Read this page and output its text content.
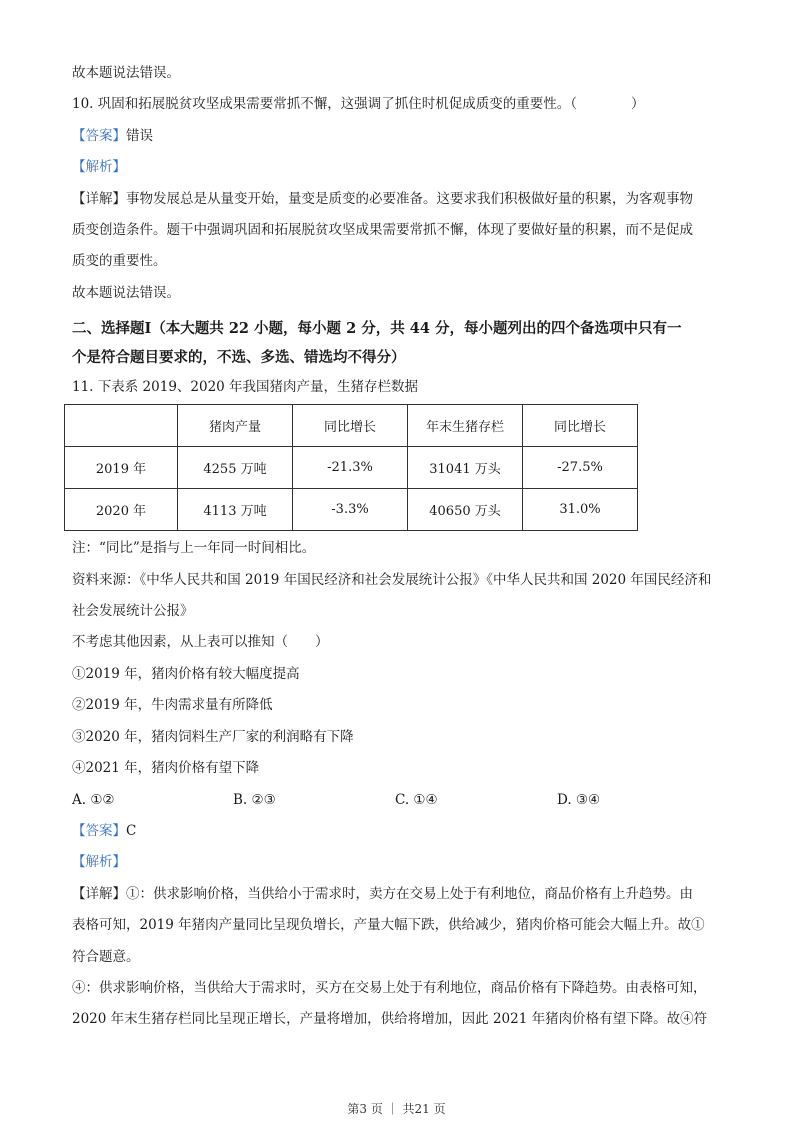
故本题说法错误。

10. 巩固和拓展脱贫攻坚成果需要常抓不懈，这强调了抓住时机促成质变的重要性。（　　　　）

【答案】错误

【解析】

【详解】事物发展总是从量变开始，量变是质变的必要准备。这要求我们积极做好量的积累，为客观事物

质变创造条件。题干中强调巩固和拓展脱贫攻坚成果需要常抓不懈，体现了要做好量的积累，而不是促成

质变的重要性。

故本题说法错误。

二、选择题Ⅰ（本大题共 22 小题，每小题 2 分，共 44 分，每小题列出的四个备选项中只有一

个是符合题目要求的，不选、多选、错选均不得分）

11. 下表系 2019、2020 年我国猪肉产量，生猪存栏数据

	猪肉产量	同比增长	年末生猪存栏	同比增长
2019 年	4255 万吨	-21.3%	31041 万头	-27.5%
2020 年	4113 万吨	-3.3%	40650 万头	31.0%

注：“同比”是指与上一年同一时间相比。

资料来源：《中华人民共和国 2019 年国民经济和社会发展统计公报》《中华人民共和国 2020 年国民经济和

社会发展统计公报》

不考虑其他因素，从上表可以推知（　　）

①2019 年，猪肉价格有较大幅度提高

②2019 年，牛肉需求量有所降低

③2020 年，猪肉饲料生产厂家的利润略有下降

④2021 年，猪肉价格有望下降

A. ①②	B. ②③	C. ①④	D. ③④

【答案】C

【解析】

【详解】①：供求影响价格，当供给小于需求时，卖方在交易上处于有利地位，商品价格有上升趋势。由

表格可知，2019 年猪肉产量同比呈现负增长，产量大幅下跌，供给减少，猪肉价格可能会大幅上升。故①

符合题意。

④：供求影响价格，当供给大于需求时，买方在交易上处于有利地位，商品价格有下降趋势。由表格可知，

2020 年末生猪存栏同比呈现正增长，产量将增加，供给将增加，因此 2021 年猪肉价格有望下降。故④符

第3 页 ｜ 共21 页
